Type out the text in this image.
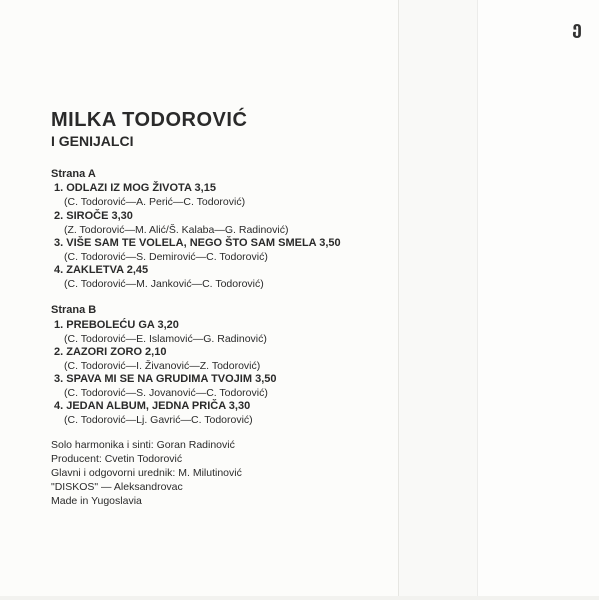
ე
MILKA TODOROVIĆ
I GENIJALCI
Strana A
1. ODLAZI IZ MOG ŽIVOTA 3,15
(C. Todorović—A. Perić—C. Todorović)
2. SIROČE 3,30
(Z. Todorović—M. Alić/Š. Kalaba—G. Radinović)
3. VIŠE SAM TE VOLELA, NEGO ŠTO SAM SMELA 3,50
(C. Todorović—S. Demirović—C. Todorović)
4. ZAKLETVA 2,45
(C. Todorović—M. Janković—C. Todorović)
Strana B
1. PREBOLEĆU GA 3,20
(C. Todorović—E. Islamović—G. Radinović)
2. ZAZORI ZORO 2,10
(C. Todorović—I. Živanović—Z. Todorović)
3. SPAVA MI SE NA GRUDIMA TVOJIM 3,50
(C. Todorović—S. Jovanović—C. Todorović)
4. JEDAN ALBUM, JEDNA PRIČA 3,30
(C. Todorović—Lj. Gavrić—C. Todorović)
Solo harmonika i sinti: Goran Radinović
Producent: Cvetin Todorović
Glavni i odgovorni urednik: M. Milutinović
"DISKOS" — Aleksandrovac
Made in Yugoslavia
